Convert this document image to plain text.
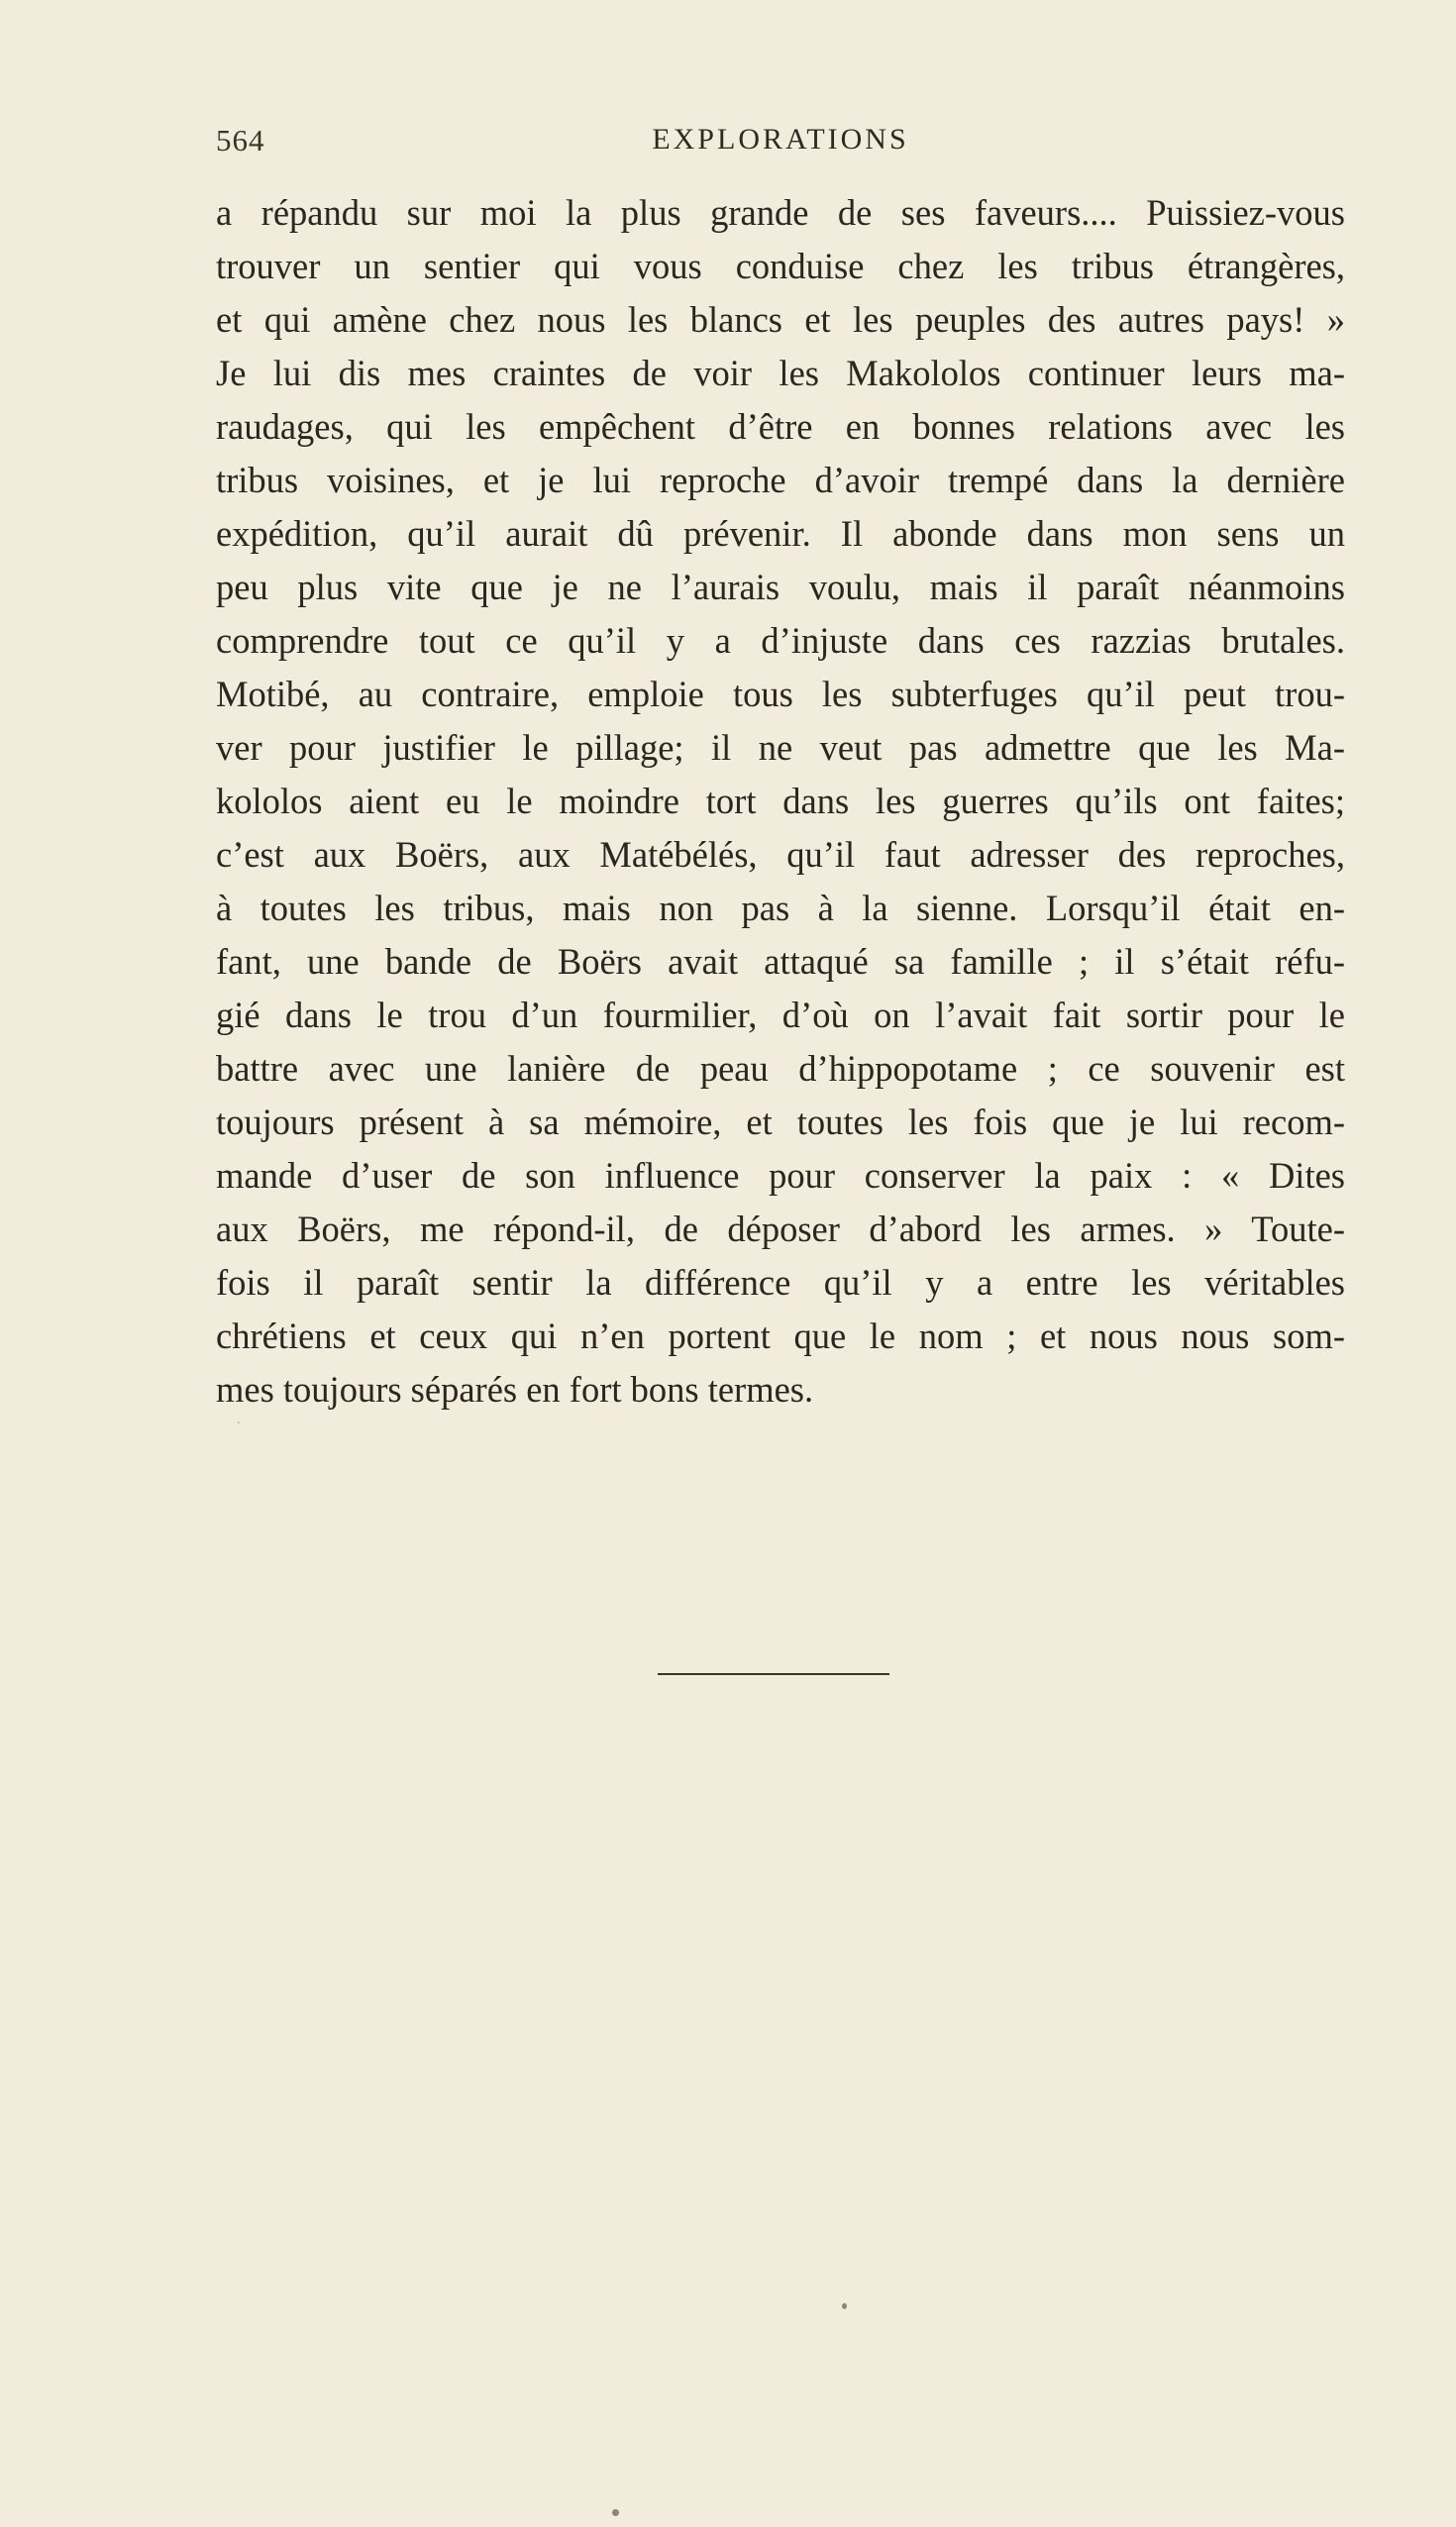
564	EXPLORATIONS
a répandu sur moi la plus grande de ses faveurs.... Puissiez-vous
trouver un sentier qui vous conduise chez les tribus étrangères,
et qui amène chez nous les blancs et les peuples des autres pays! »
Je lui dis mes craintes de voir les Makololos continuer leurs ma-
raudages, qui les empêchent d’être en bonnes relations avec les
tribus voisines, et je lui reproche d’avoir trempé dans la dernière
expédition, qu’il aurait dû prévenir. Il abonde dans mon sens un
peu plus vite que je ne l’aurais voulu, mais il paraît néanmoins
comprendre tout ce qu’il y a d’injuste dans ces razzias brutales.
Motibé, au contraire, emploie tous les subterfuges qu’il peut trou-
ver pour justifier le pillage; il ne veut pas admettre que les Ma-
kololos aient eu le moindre tort dans les guerres qu’ils ont faites;
c’est aux Boërs, aux Matébélés, qu’il faut adresser des reproches,
à toutes les tribus, mais non pas à la sienne. Lorsqu’il était en-
fant, une bande de Boërs avait attaqué sa famille ; il s’était réfu-
gié dans le trou d’un fourmilier, d’où on l’avait fait sortir pour le
battre avec une lanière de peau d’hippopotame ; ce souvenir est
toujours présent à sa mémoire, et toutes les fois que je lui recom-
mande d’user de son influence pour conserver la paix : « Dites
aux Boërs, me répond-il, de déposer d’abord les armes. » Toute-
fois il paraît sentir la différence qu’il y a entre les véritables
chrétiens et ceux qui n’en portent que le nom ; et nous nous som-
mes toujours séparés en fort bons termes.
